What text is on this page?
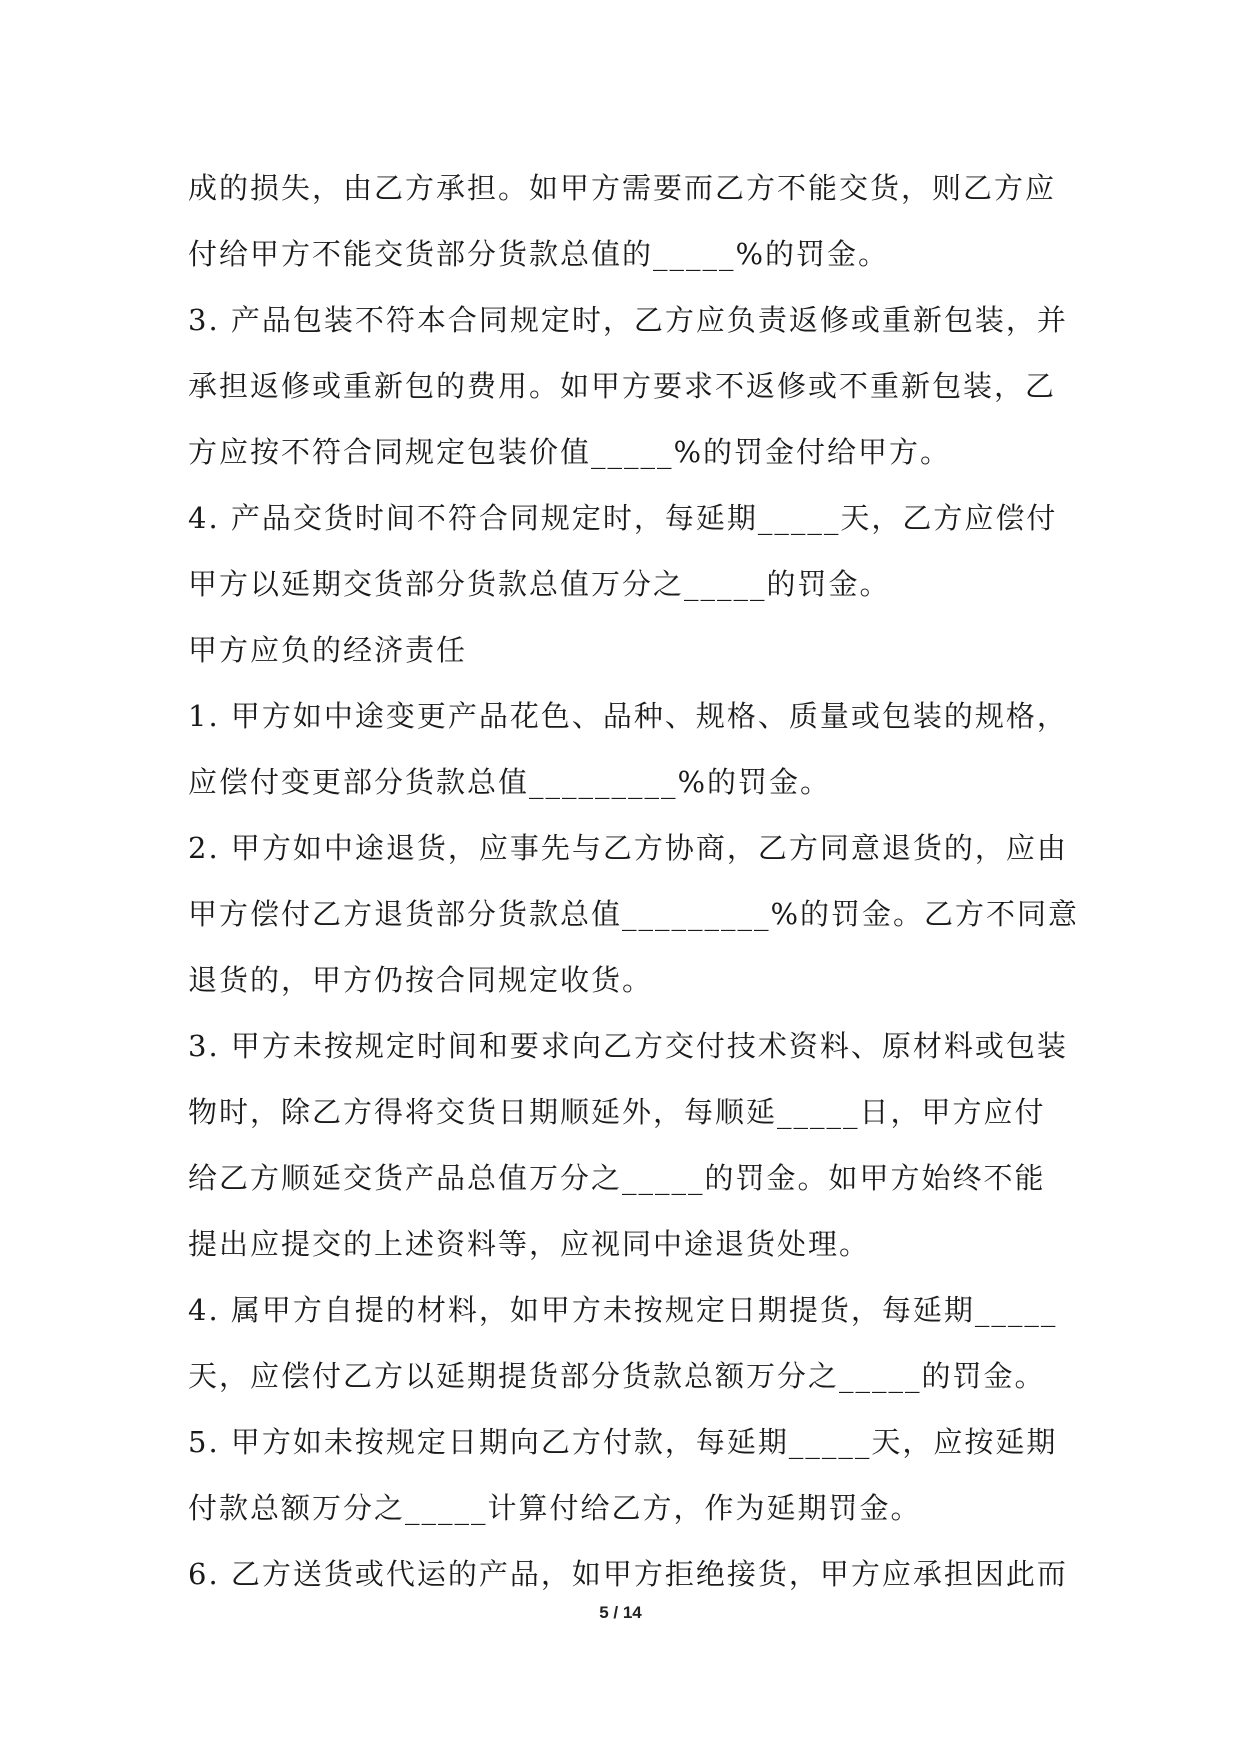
成的损失，由乙方承担。如甲方需要而乙方不能交货，则乙方应
付给甲方不能交货部分货款总值的_____%的罚金。
3. 产品包装不符本合同规定时，乙方应负责返修或重新包装，并
承担返修或重新包的费用。如甲方要求不返修或不重新包装，乙
方应按不符合同规定包装价值_____%的罚金付给甲方。
4. 产品交货时间不符合同规定时，每延期_____天，乙方应偿付
甲方以延期交货部分货款总值万分之_____的罚金。
甲方应负的经济责任
1. 甲方如中途变更产品花色、品种、规格、质量或包装的规格，
应偿付变更部分货款总值_________%的罚金。
2. 甲方如中途退货，应事先与乙方协商，乙方同意退货的，应由
甲方偿付乙方退货部分货款总值_________%的罚金。乙方不同意
退货的，甲方仍按合同规定收货。
3. 甲方未按规定时间和要求向乙方交付技术资料、原材料或包装
物时，除乙方得将交货日期顺延外，每顺延_____日，甲方应付
给乙方顺延交货产品总值万分之_____的罚金。如甲方始终不能
提出应提交的上述资料等，应视同中途退货处理。
4. 属甲方自提的材料，如甲方未按规定日期提货，每延期_____
天，应偿付乙方以延期提货部分货款总额万分之_____的罚金。
5. 甲方如未按规定日期向乙方付款，每延期_____天，应按延期
付款总额万分之_____计算付给乙方，作为延期罚金。
6. 乙方送货或代运的产品，如甲方拒绝接货，甲方应承担因此而
5 / 14
